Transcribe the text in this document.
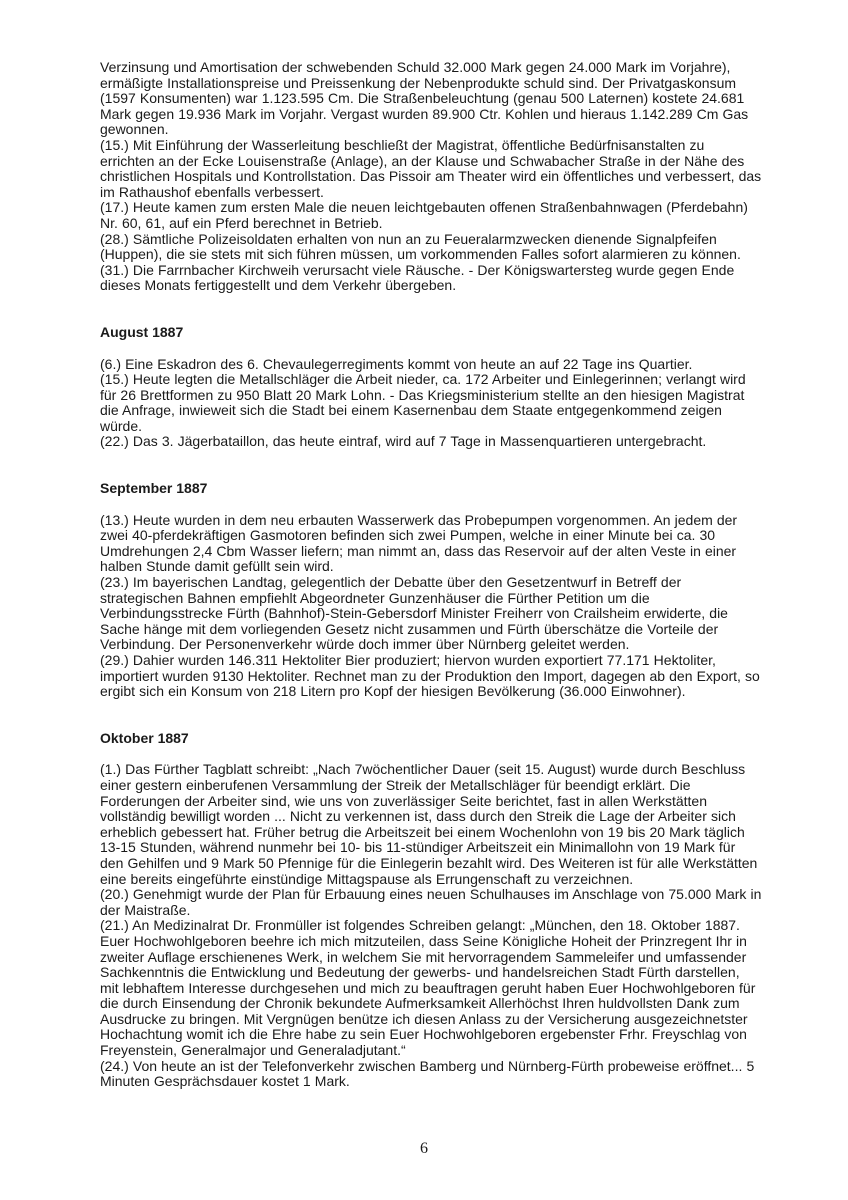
Verzinsung und Amortisation der schwebenden Schuld 32.000 Mark gegen 24.000 Mark im Vorjahre), ermäßigte Installationspreise und Preissenkung der Nebenprodukte schuld sind. Der Privatgaskonsum (1597 Konsumenten) war 1.123.595 Cm. Die Straßenbeleuchtung (genau 500 Laternen) kostete 24.681 Mark gegen 19.936 Mark im Vorjahr. Vergast wurden 89.900 Ctr. Kohlen und hieraus 1.142.289 Cm Gas gewonnen.

(15.) Mit Einführung der Wasserleitung beschließt der Magistrat, öffentliche Bedürfnisanstalten zu errichten an der Ecke Louisenstraße (Anlage), an der Klause und Schwabacher Straße in der Nähe des christlichen Hospitals und Kontrollstation. Das Pissoir am Theater wird ein öffentliches und verbessert, das im Rathaushof ebenfalls verbessert.

(17.) Heute kamen zum ersten Male die neuen leichtgebauten offenen Straßenbahnwagen (Pferdebahn) Nr. 60, 61, auf ein Pferd berechnet in Betrieb.

(28.) Sämtliche Polizeisoldaten erhalten von nun an zu Feueralarmzwecken dienende Signalpfeifen (Huppen), die sie stets mit sich führen müssen, um vorkommenden Falles sofort alarmieren zu können.

(31.) Die Farrnbacher Kirchweih verursacht viele Räusche. - Der Königswartersteg wurde gegen Ende dieses Monats fertiggestellt und dem Verkehr übergeben.

August 1887

(6.) Eine Eskadron des 6. Chevaulegerregiments kommt von heute an auf 22 Tage ins Quartier.

(15.) Heute legten die Metallschläger die Arbeit nieder, ca. 172 Arbeiter und Einlegerinnen; verlangt wird für 26 Brettformen zu 950 Blatt 20 Mark Lohn. - Das Kriegsministerium stellte an den hiesigen Magistrat die Anfrage, inwieweit sich die Stadt bei einem Kasernenbau dem Staate entgegenkommend zeigen würde.

(22.) Das 3. Jägerbataillon, das heute eintraf, wird auf 7 Tage in Massenquartieren untergebracht.

September 1887

(13.) Heute wurden in dem neu erbauten Wasserwerk das Probepumpen vorgenommen. An jedem der zwei 40-pferdekräftigen Gasmotoren befinden sich zwei Pumpen, welche in einer Minute bei ca. 30 Umdrehungen 2,4 Cbm Wasser liefern; man nimmt an, dass das Reservoir auf der alten Veste in einer halben Stunde damit gefüllt sein wird.

(23.) Im bayerischen Landtag, gelegentlich der Debatte über den Gesetzentwurf in Betreff der strategischen Bahnen empfiehlt Abgeordneter Gunzenhäuser die Fürther Petition um die Verbindungsstrecke Fürth (Bahnhof)-Stein-Gebersdorf Minister Freiherr von Crailsheim erwiderte, die Sache hänge mit dem vorliegenden Gesetz nicht zusammen und Fürth überschätze die Vorteile der Verbindung. Der Personenverkehr würde doch immer über Nürnberg geleitet werden.

(29.) Dahier wurden 146.311 Hektoliter Bier produziert; hiervon wurden exportiert 77.171 Hektoliter, importiert wurden 9130 Hektoliter. Rechnet man zu der Produktion den Import, dagegen ab den Export, so ergibt sich ein Konsum von 218 Litern pro Kopf der hiesigen Bevölkerung (36.000 Einwohner).

Oktober 1887

(1.) Das Fürther Tagblatt schreibt: „Nach 7wöchentlicher Dauer (seit 15. August) wurde durch Beschluss einer gestern einberufenen Versammlung der Streik der Metallschläger für beendigt erklärt. Die Forderungen der Arbeiter sind, wie uns von zuverlässiger Seite berichtet, fast in allen Werkstätten vollständig bewilligt worden ... Nicht zu verkennen ist, dass durch den Streik die Lage der Arbeiter sich erheblich gebessert hat. Früher betrug die Arbeitszeit bei einem Wochenlohn von 19 bis 20 Mark täglich 13-15 Stunden, während nunmehr bei 10- bis 11-stündiger Arbeitszeit ein Minimallohn von 19 Mark für den Gehilfen und 9 Mark 50 Pfennige für die Einlegerin bezahlt wird. Des Weiteren ist für alle Werkstätten eine bereits eingeführte einstündige Mittagspause als Errungenschaft zu verzeichnen.

(20.) Genehmigt wurde der Plan für Erbauung eines neuen Schulhauses im Anschlage von 75.000 Mark in der Maistraße.

(21.) An Medizinalrat Dr. Fronmüller ist folgendes Schreiben gelangt: „München, den 18. Oktober 1887. Euer Hochwohlgeboren beehre ich mich mitzuteilen, dass Seine Königliche Hoheit der Prinzregent Ihr in zweiter Auflage erschienenes Werk, in welchem Sie mit hervorragendem Sammeleifer und umfassender Sachkenntnis die Entwicklung und Bedeutung der gewerbs- und handelsreichen Stadt Fürth darstellen, mit lebhaftem Interesse durchgesehen und mich zu beauftragen geruht haben Euer Hochwohlgeboren für die durch Einsendung der Chronik bekundete Aufmerksamkeit Allerhöchst Ihren huldvollsten Dank zum Ausdrucke zu bringen. Mit Vergnügen benütze ich diesen Anlass zu der Versicherung ausgezeichnetster Hochachtung womit ich die Ehre habe zu sein Euer Hochwohlgeboren ergebenster Frhr. Freyschlag von Freyenstein, Generalmajor und Generaladjutant.“

(24.) Von heute an ist der Telefonverkehr zwischen Bamberg und Nürnberg-Fürth probeweise eröffnet... 5 Minuten Gesprächsdauer kostet 1 Mark.

6
